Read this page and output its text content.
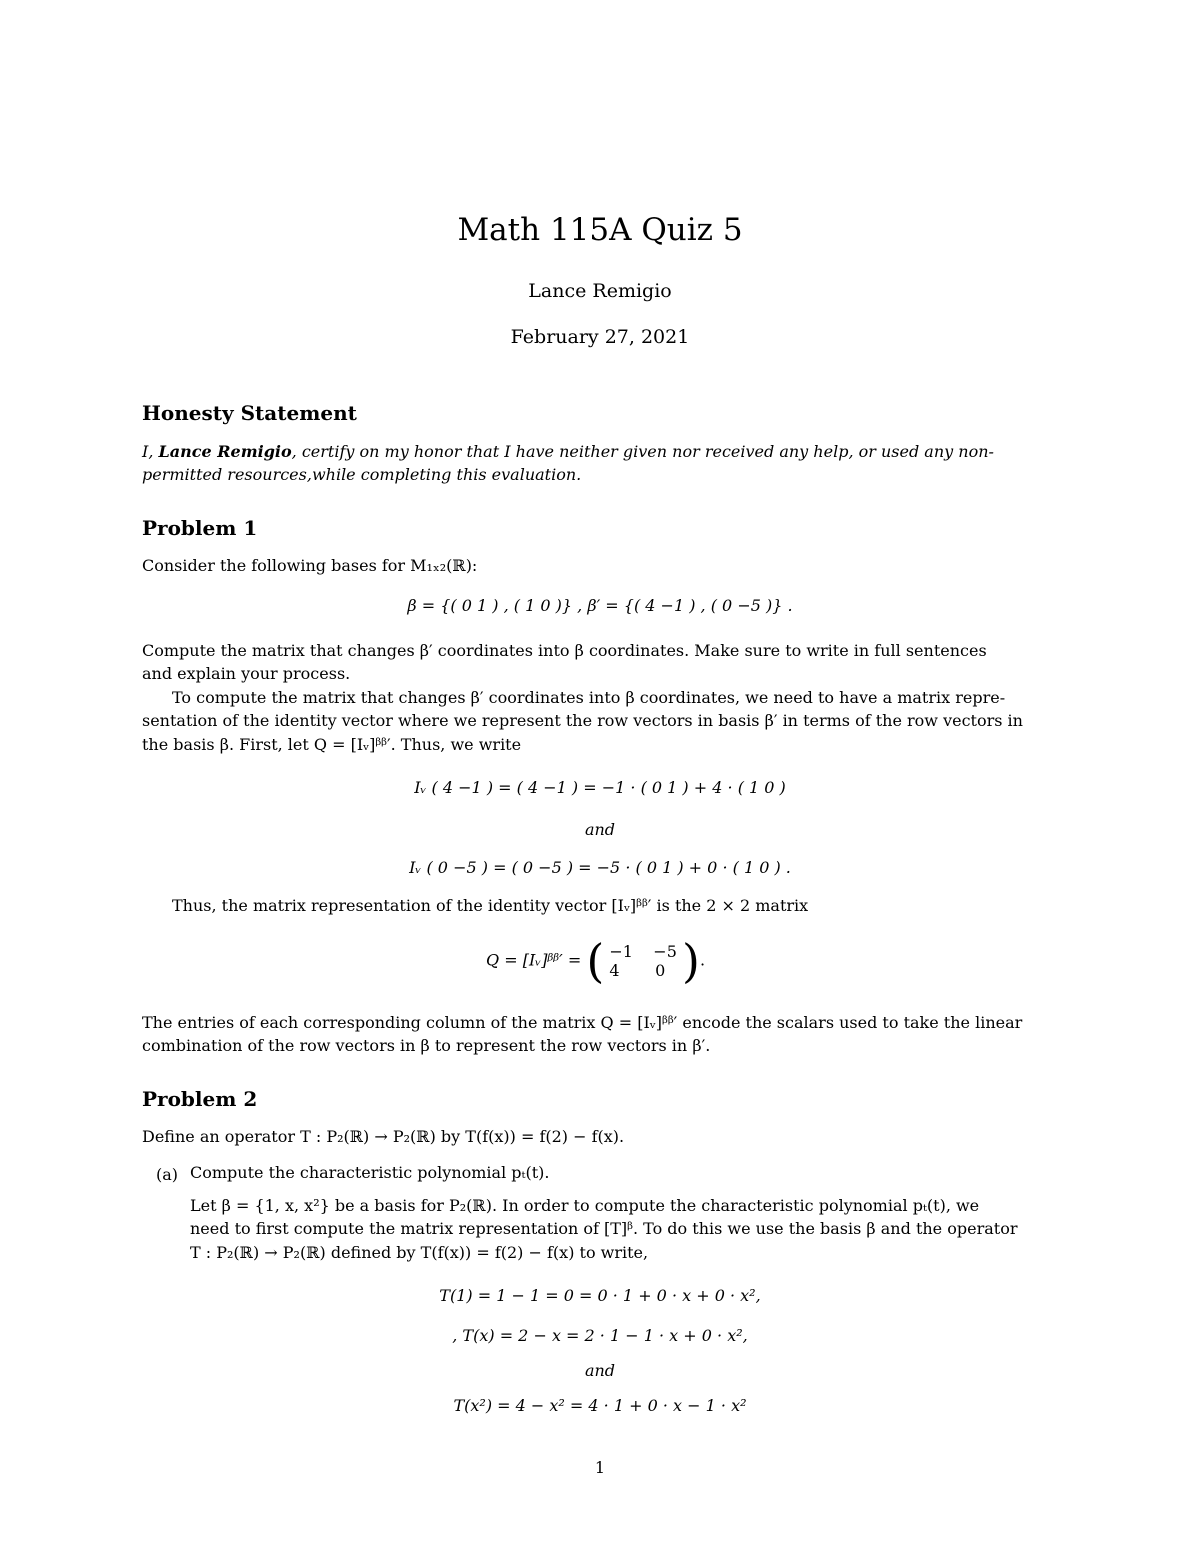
Math 115A Quiz 5
Lance Remigio
February 27, 2021
Honesty Statement
I, Lance Remigio, certify on my honor that I have neither given nor received any help, or used any non-
permitted resources,while completing this evaluation.
Problem 1
Consider the following bases for M₁ₓ₂(ℝ):
β = {( 0 1 ) , ( 1 0 )} , β′ = {( 4 −1 ) , ( 0 −5 )} .
Compute the matrix that changes β′ coordinates into β coordinates. Make sure to write in full sentences
and explain your process.
To compute the matrix that changes β′ coordinates into β coordinates, we need to have a matrix repre-
sentation of the identity vector where we represent the row vectors in basis β′ in terms of the row vectors in
the basis β. First, let Q = [Iᵥ]ᵝᵝ′. Thus, we write
Iᵥ ( 4 −1 ) = ( 4 −1 ) = −1 · ( 0 1 ) + 4 · ( 1 0 )
and
Iᵥ ( 0 −5 ) = ( 0 −5 ) = −5 · ( 0 1 ) + 0 · ( 1 0 ) .
Thus, the matrix representation of the identity vector [Iᵥ]ᵝᵝ′ is the 2 × 2 matrix
Q = [Iᵥ]ᵝᵝ′ = ( −1    −5
4       0 ).
The entries of each corresponding column of the matrix Q = [Iᵥ]ᵝᵝ′ encode the scalars used to take the linear
combination of the row vectors in β to represent the row vectors in β′.
Problem 2
Define an operator T : P₂(ℝ) → P₂(ℝ) by T(f(x)) = f(2) − f(x).
(a) Compute the characteristic polynomial pₜ(t).
Let β = {1, x, x²} be a basis for P₂(ℝ). In order to compute the characteristic polynomial pₜ(t), we
need to first compute the matrix representation of [T]ᵝ. To do this we use the basis β and the operator
T : P₂(ℝ) → P₂(ℝ) defined by T(f(x)) = f(2) − f(x) to write,
T(1) = 1 − 1 = 0 = 0 · 1 + 0 · x + 0 · x²,
, T(x) = 2 − x = 2 · 1 − 1 · x + 0 · x²,
and
T(x²) = 4 − x² = 4 · 1 + 0 · x − 1 · x²
1
